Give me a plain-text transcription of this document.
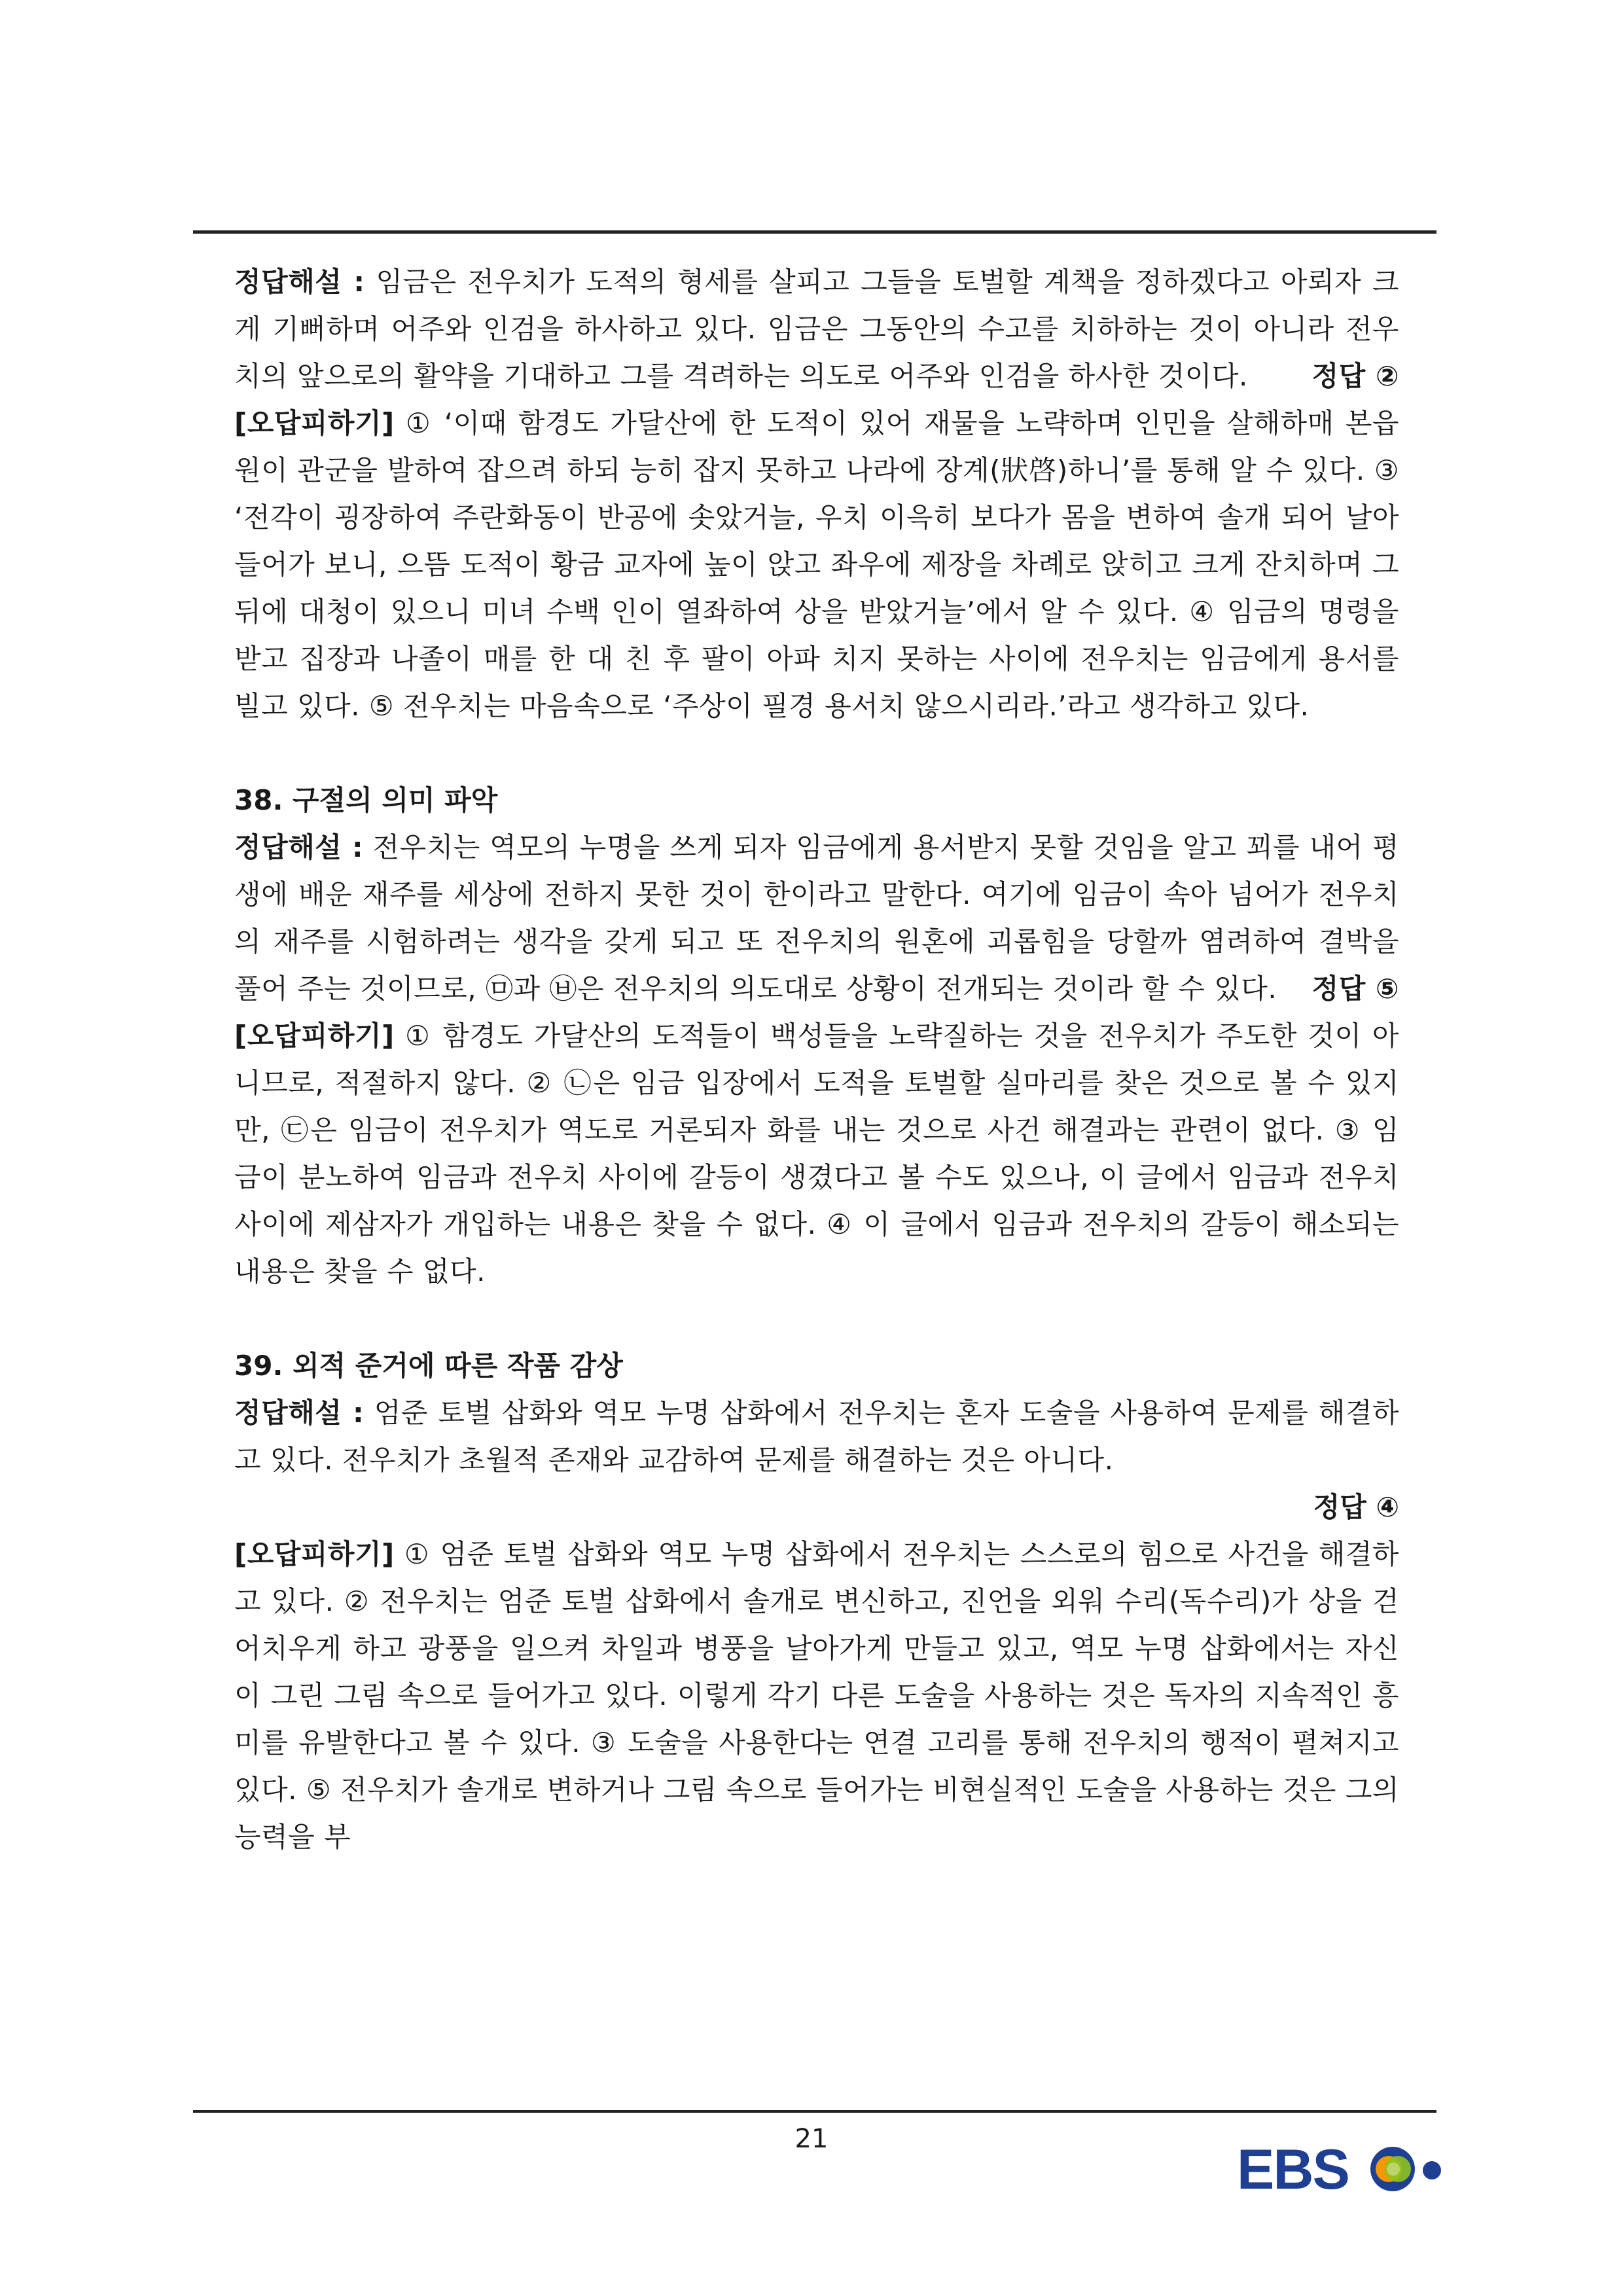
정답해설 : 임금은 전우치가 도적의 형세를 살피고 그들을 토벌할 계책을 정하겠다고 아뢰자 크게 기뻐하며 어주와 인검을 하사하고 있다. 임금은 그동안의 수고를 치하하는 것이 아니라 전우치의 앞으로의 활약을 기대하고 그를 격려하는 의도로 어주와 인검을 하사한 것이다. 정답 ②

[오답피하기] ① ‘이때 함경도 가달산에 한 도적이 있어 재물을 노략하며 인민을 살해하매 본읍 원이 관군을 발하여 잡으려 하되 능히 잡지 못하고 나라에 장계(狀啓)하니’를 통해 알 수 있다. ③ ‘전각이 굉장하여 주란화동이 반공에 솟았거늘, 우치 이윽히 보다가 몸을 변하여 솔개 되어 날아 들어가 보니, 으뜸 도적이 황금 교자에 높이 앉고 좌우에 제장을 차례로 앉히고 크게 잔치하며 그 뒤에 대청이 있으니 미녀 수백 인이 열좌하여 상을 받았거늘’에서 알 수 있다. ④ 임금의 명령을 받고 집장과 나졸이 매를 한 대 친 후 팔이 아파 치지 못하는 사이에 전우치는 임금에게 용서를 빌고 있다. ⑤ 전우치는 마음속으로 ‘주상이 필경 용서치 않으시리라.’라고 생각하고 있다.

38. 구절의 의미 파악

정답해설 : 전우치는 역모의 누명을 쓰게 되자 임금에게 용서받지 못할 것임을 알고 꾀를 내어 평생에 배운 재주를 세상에 전하지 못한 것이 한이라고 말한다. 여기에 임금이 속아 넘어가 전우치의 재주를 시험하려는 생각을 갖게 되고 또 전우치의 원혼에 괴롭힘을 당할까 염려하여 결박을 풀어 주는 것이므로, ㉤과 ㉥은 전우치의 의도대로 상황이 전개되는 것이라 할 수 있다. 정답 ⑤

[오답피하기] ① 함경도 가달산의 도적들이 백성들을 노략질하는 것을 전우치가 주도한 것이 아니므로, 적절하지 않다. ② ㉡은 임금 입장에서 도적을 토벌할 실마리를 찾은 것으로 볼 수 있지만, ㉢은 임금이 전우치가 역도로 거론되자 화를 내는 것으로 사건 해결과는 관련이 없다. ③ 임금이 분노하여 임금과 전우치 사이에 갈등이 생겼다고 볼 수도 있으나, 이 글에서 임금과 전우치 사이에 제삼자가 개입하는 내용은 찾을 수 없다. ④ 이 글에서 임금과 전우치의 갈등이 해소되는 내용은 찾을 수 없다.

39. 외적 준거에 따른 작품 감상

정답해설 : 엄준 토벌 삽화와 역모 누명 삽화에서 전우치는 혼자 도술을 사용하여 문제를 해결하고 있다. 전우치가 초월적 존재와 교감하여 문제를 해결하는 것은 아니다.

정답 ④

[오답피하기] ① 엄준 토벌 삽화와 역모 누명 삽화에서 전우치는 스스로의 힘으로 사건을 해결하고 있다. ② 전우치는 엄준 토벌 삽화에서 솔개로 변신하고, 진언을 외워 수리(독수리)가 상을 걷어치우게 하고 광풍을 일으켜 차일과 병풍을 날아가게 만들고 있고, 역모 누명 삽화에서는 자신이 그린 그림 속으로 들어가고 있다. 이렇게 각기 다른 도술을 사용하는 것은 독자의 지속적인 흥미를 유발한다고 볼 수 있다. ③ 도술을 사용한다는 연결 고리를 통해 전우치의 행적이 펼쳐지고 있다. ⑤ 전우치가 솔개로 변하거나 그림 속으로 들어가는 비현실적인 도술을 사용하는 것은 그의 능력을 부

21	EBS
